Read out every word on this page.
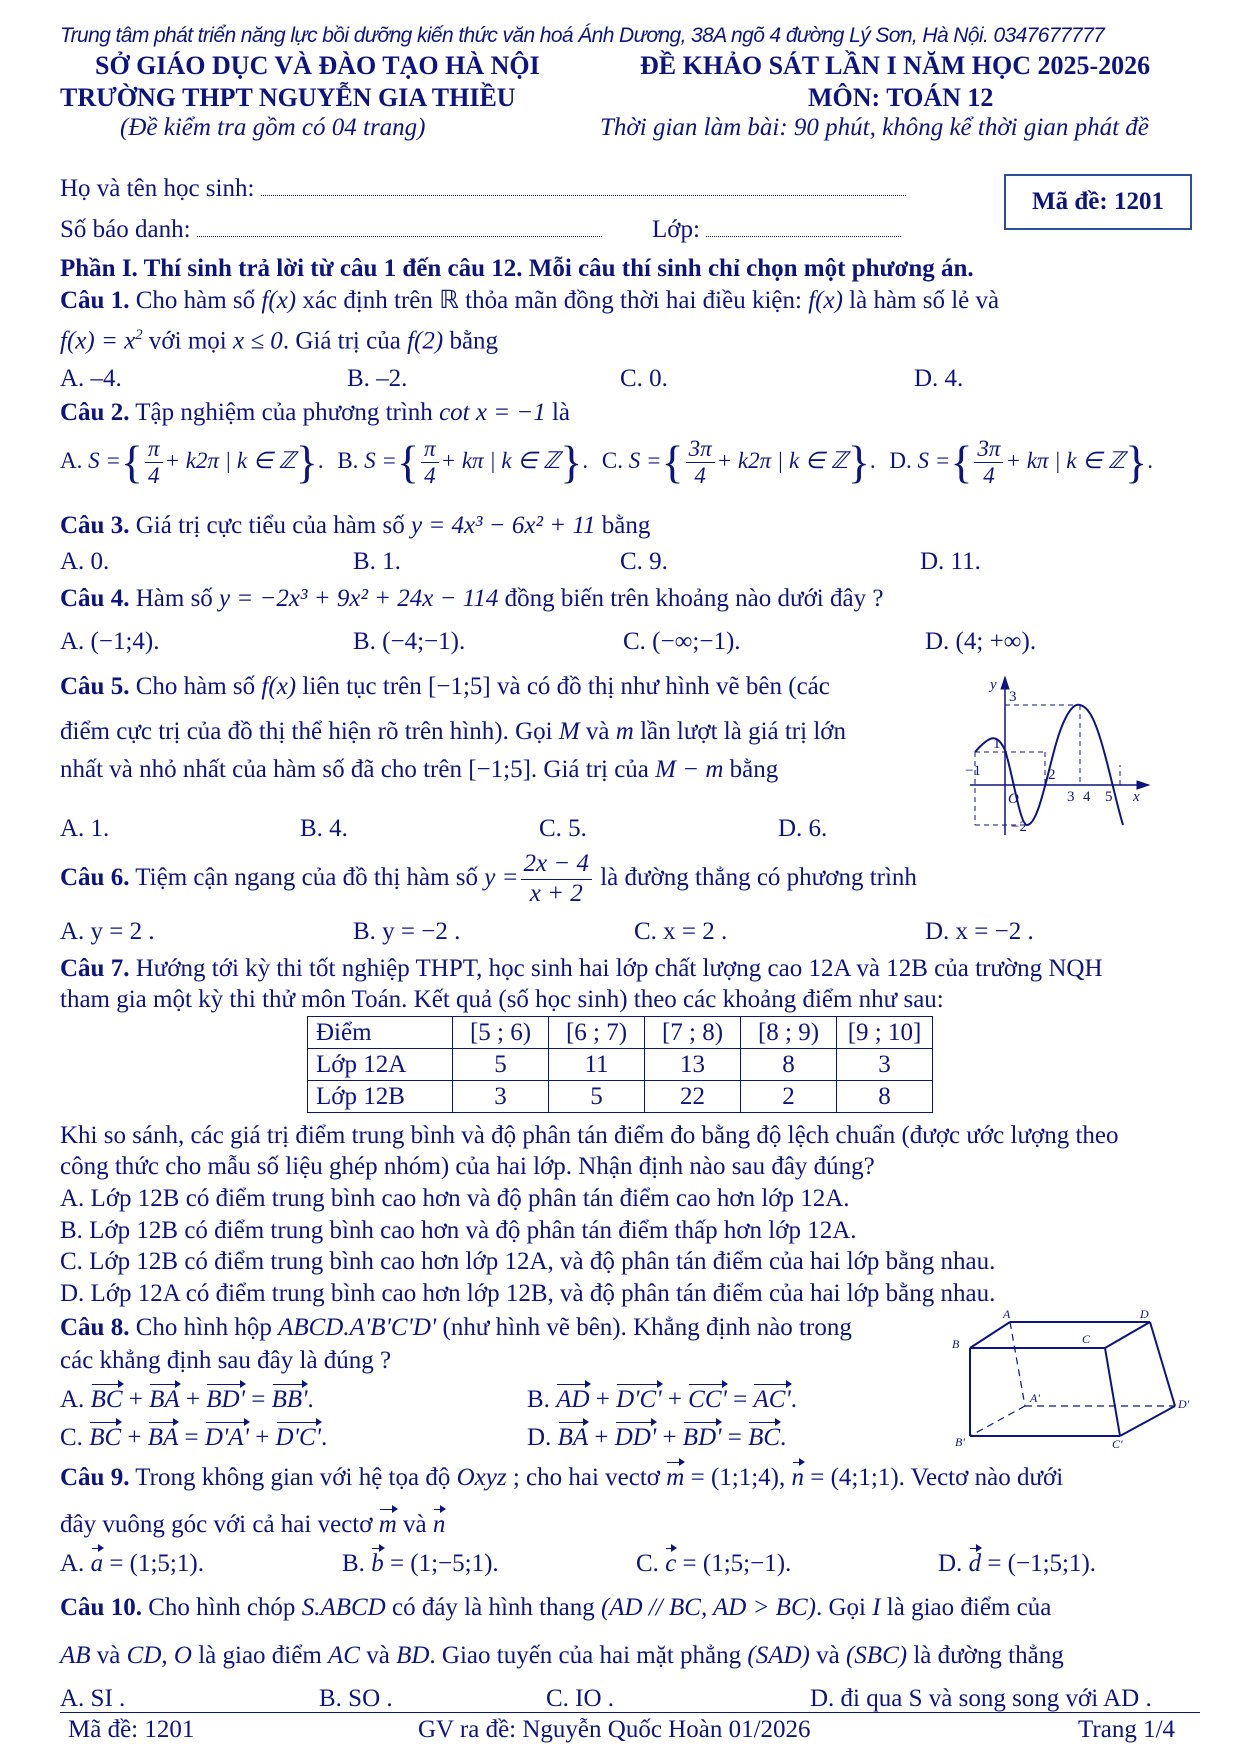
Trung tâm phát triển năng lực bồi dưỡng kiến thức văn hoá Ánh Dương, 38A ngõ 4 đường Lý Sơn, Hà Nội. 0347677777
SỞ GIÁO DỤC VÀ ĐÀO TẠO HÀ NỘI
TRƯỜNG THPT NGUYỄN GIA THIỀU
(Đề kiểm tra gồm có 04 trang)
ĐỀ KHẢO SÁT LẦN I NĂM HỌC 2025-2026
MÔN: TOÁN 12
Thời gian làm bài: 90 phút, không kể thời gian phát đề
Họ và tên học sinh:
Số báo danh:	Lớp:
Mã đề: 1201
Phần I. Thí sinh trả lời từ câu 1 đến câu 12. Mỗi câu thí sinh chỉ chọn một phương án.
Câu 1. Cho hàm số f(x) xác định trên ℝ thỏa mãn đồng thời hai điều kiện: f(x) là hàm số lẻ và
$f(x) = x^2$ với mọi x ≤ 0. Giá trị của f(2) bằng
A. –4.	B. –2.	C. 0.	D. 4.
Câu 2. Tập nghiệm của phương trình cot x = −1 là
A. S ={ $\frac{\pi}{4} + k2\pi$ | k ∈ ℤ}. B. S ={ $\frac{\pi}{4} + k\pi$ | k ∈ ℤ}. C. S ={ $\frac{3\pi}{4} + k2\pi$ | k ∈ ℤ}. D. S ={ $\frac{3\pi}{4} + k\pi$ | k ∈ ℤ}.
Câu 3. Giá trị cực tiểu của hàm số y = 4x³ − 6x² + 11 bằng
A. 0.	B. 1.	C. 9.	D. 11.
Câu 4. Hàm số y = −2x³ + 9x² + 24x − 114 đồng biến trên khoảng nào dưới đây ?
A. (−1;4).	B. (−4;−1).	C. (−∞;−1).	D. (4; +∞).
Câu 5. Cho hàm số f(x) liên tục trên [−1;5] và có đồ thị như hình vẽ bên (các
điểm cực trị của đồ thị thể hiện rõ trên hình). Gọi M và m lần lượt là giá trị lớn
nhất và nhỏ nhất của hàm số đã cho trên [−1;5]. Giá trị của M − m bằng
A. 1.	B. 4.	C. 5.	D. 6.
y
3
1
−1	2
O
−2
3 4 5 x
Câu 6. Tiệm cận ngang của đồ thị hàm số $y = \frac{2x - 4}{x + 2}$ là đường thẳng có phương trình
A. y = 2 .	B. y = −2 .	C. x = 2 .	D. x = −2 .
Câu 7. Hướng tới kỳ thi tốt nghiệp THPT, học sinh hai lớp chất lượng cao 12A và 12B của trường NQH
tham gia một kỳ thi thử môn Toán. Kết quả (số học sinh) theo các khoảng điểm như sau:
Điểm	[5 ; 6)	[6 ; 7)	[7 ; 8)	[8 ; 9)	[9 ; 10]
Lớp 12A	5	11	13	8	3
Lớp 12B	3	5	22	2	8
Khi so sánh, các giá trị điểm trung bình và độ phân tán điểm đo bằng độ lệch chuẩn (được ước lượng theo
công thức cho mẫu số liệu ghép nhóm) của hai lớp. Nhận định nào sau đây đúng?
A. Lớp 12B có điểm trung bình cao hơn và độ phân tán điểm cao hơn lớp 12A.
B. Lớp 12B có điểm trung bình cao hơn và độ phân tán điểm thấp hơn lớp 12A.
C. Lớp 12B có điểm trung bình cao hơn lớp 12A, và độ phân tán điểm của hai lớp bằng nhau.
D. Lớp 12A có điểm trung bình cao hơn lớp 12B, và độ phân tán điểm của hai lớp bằng nhau.
Câu 8. Cho hình hộp ABCD.A'B'C'D' (như hình vẽ bên). Khẳng định nào trong
các khẳng định sau đây là đúng ?
A. BC + BA + BD' = BB'.	B. AD + D'C' + CC' = AC'.
C. BC + BA = D'A' + D'C'.	D. BA + DD' + BD' = BC.
A	D
B	C
A'	D'
B'	C'
Câu 9. Trong không gian với hệ tọa độ Oxyz ; cho hai vectơ m = (1;1;4), n = (4;1;1). Vectơ nào dưới
đây vuông góc với cả hai vectơ m và n
A. a = (1;5;1).	B. b = (1;−5;1).	C. c = (1;5;−1).	D. d = (−1;5;1).
Câu 10. Cho hình chóp S.ABCD có đáy là hình thang (AD // BC, AD > BC). Gọi I là giao điểm của
AB và CD, O là giao điểm AC và BD. Giao tuyến của hai mặt phẳng (SAD) và (SBC) là đường thẳng
A. SI .	B. SO .	C. IO .	D. đi qua S và song song với AD .
Mã đề: 1201	GV ra đề: Nguyễn Quốc Hoàn 01/2026	Trang 1/4
